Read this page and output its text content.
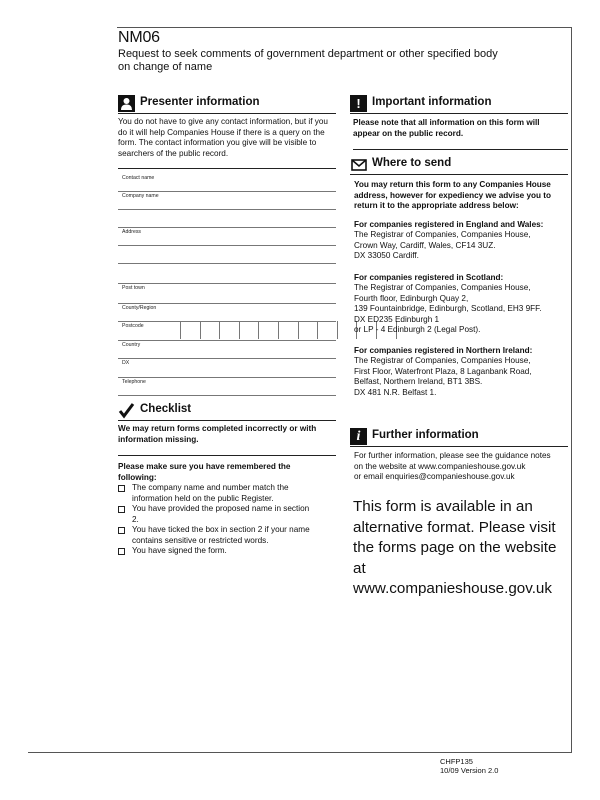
NM06
Request to seek comments of government department or other specified body
on change of name
Presenter information
You do not have to give any contact information, but if you do it will help Companies House if there is a query on the form. The contact information you give will be visible to searchers of the public record.
Contact name
Company name
Address
Post town
County/Region
Postcode
Country
DX
Telephone
Checklist
We may return forms completed incorrectly or with information missing.
Please make sure you have remembered the following:
The company name and number match the information held on the public Register.
You have provided the proposed name in section 2.
You have ticked the box in section 2 if your name contains sensitive or restricted words.
You have signed the form.
! Important information
Please note that all information on this form will appear on the public record.
Where to send
You may return this form to any Companies House address, however for expediency we advise you to return it to the appropriate address below:
For companies registered in England and Wales:
The Registrar of Companies, Companies House,
Crown Way, Cardiff, Wales, CF14 3UZ.
DX 33050 Cardiff.
For companies registered in Scotland:
The Registrar of Companies, Companies House,
Fourth floor, Edinburgh Quay 2,
139 Fountainbridge, Edinburgh, Scotland, EH3 9FF.
DX ED235 Edinburgh 1
or LP - 4 Edinburgh 2 (Legal Post).
For companies registered in Northern Ireland:
The Registrar of Companies, Companies House,
First Floor, Waterfront Plaza, 8 Laganbank Road,
Belfast, Northern Ireland, BT1 3BS.
DX 481 N.R. Belfast 1.
i	Further information
For further information, please see the guidance notes
on the website at www.companieshouse.gov.uk
or email enquiries@companieshouse.gov.uk
This form is available in an alternative format. Please visit the forms page on the website at www.companieshouse.gov.uk
CHFP135
10/09 Version 2.0
